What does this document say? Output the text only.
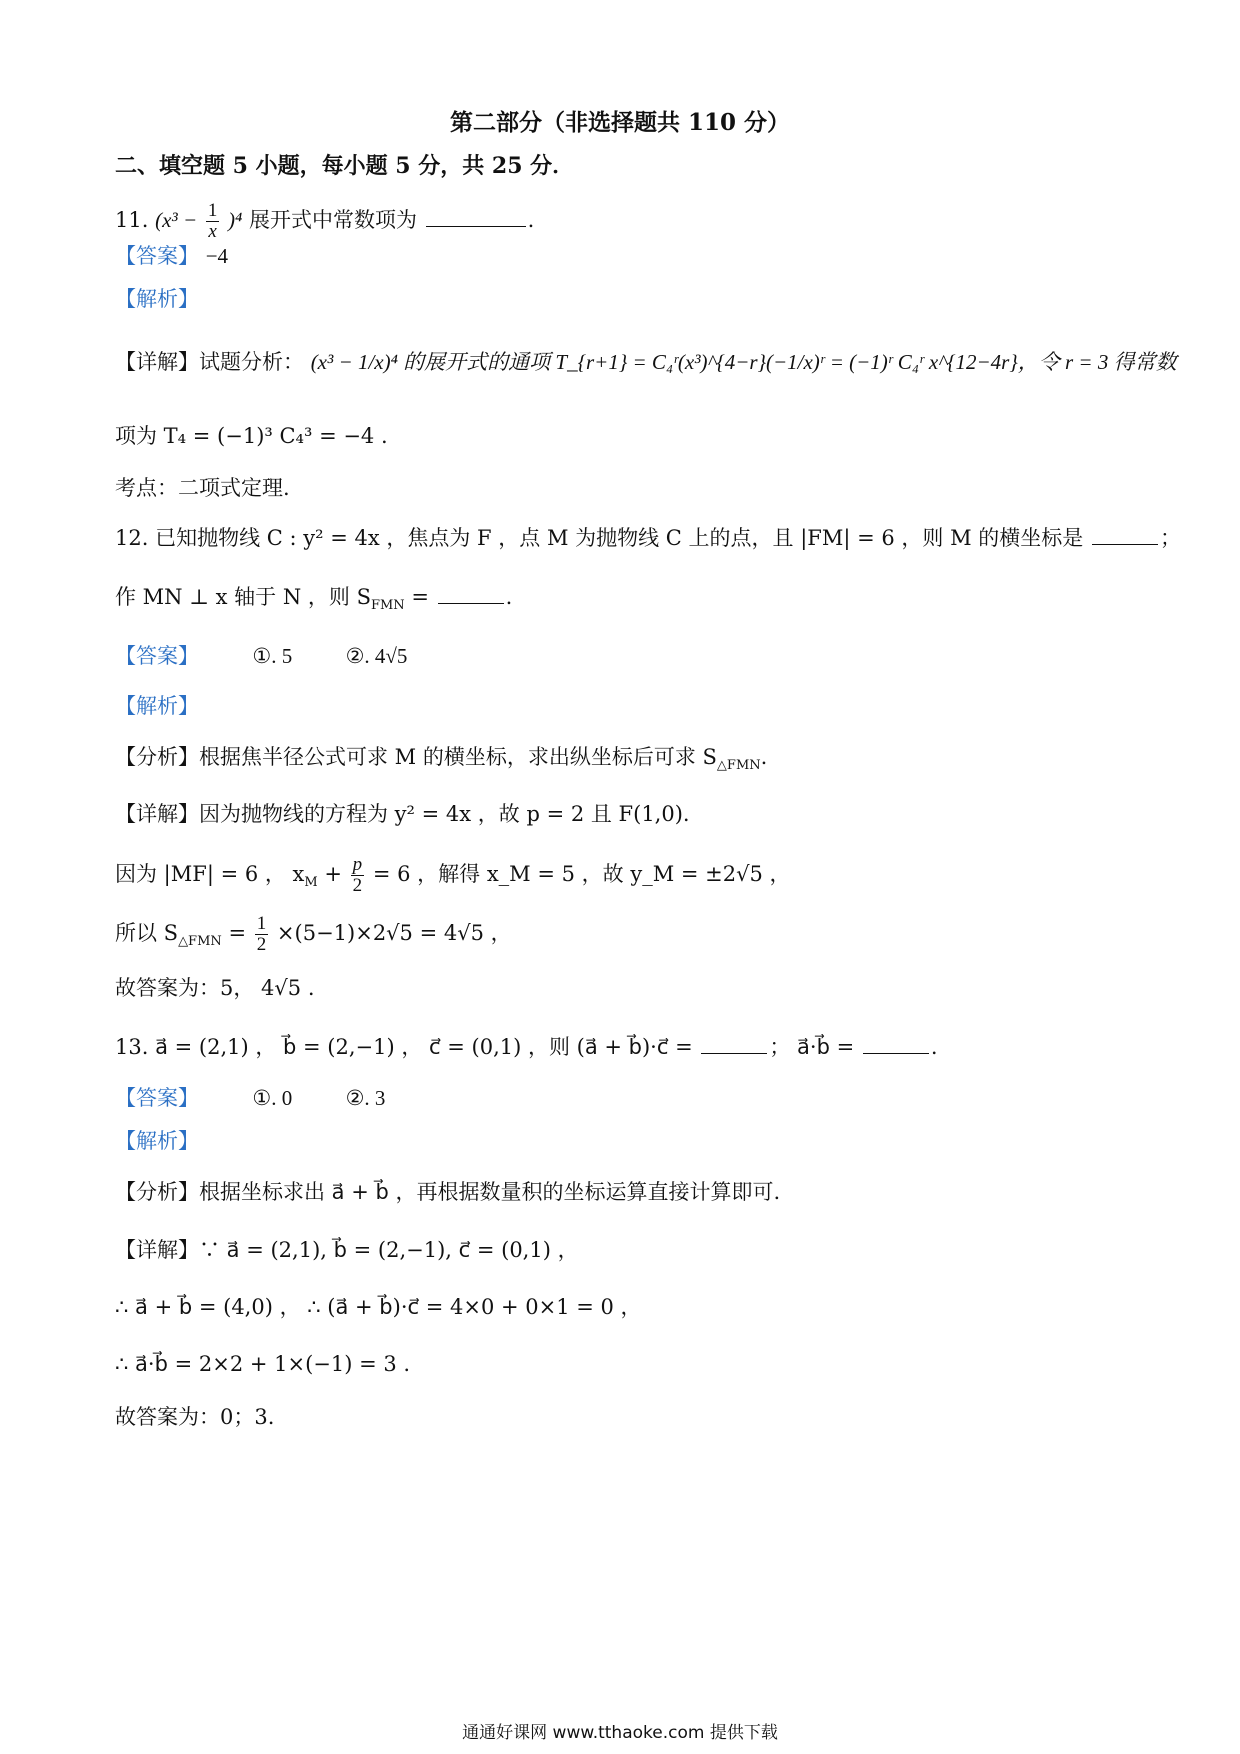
第二部分（非选择题共 110 分）
二、填空题 5 小题，每小题 5 分，共 25 分．
11. $(x^3 - \frac{1}{x} )^4$ 展开式中常数项为	.
【答案】 −4
【解析】
【详解】试题分析： (x³ − 1/x)⁴ 的展开式的通项 T_{r+1} = C₄ʳ(x³)^{4−r}(−1/x)ʳ = (−1)ʳ C₄ʳ x^{12−4r}，令 r = 3 得常数
项为 T₄ = (−1)³ C₄³ = −4 .
考点：二项式定理.
12. 已知抛物线 C : y² = 4x ，焦点为 F ，点 M 为抛物线 C 上的点，且 |FM| = 6 ，则 M 的横坐标是	；
作 MN ⊥ x 轴于 N ，则 $S_{FMN}$ =	.
【答案】	①. 5	②. 4√5
【解析】
【分析】根据焦半径公式可求 M 的横坐标，求出纵坐标后可求 $S_{\triangle FMN}$.
【详解】因为抛物线的方程为 y² = 4x ，故 p = 2 且 F(1,0).
因为 |MF| = 6 ， $x_M + \frac{p}{2} = 6$ ，解得 x_M = 5 ，故 y_M = ±2√5 ，
所以 $S_{\triangle FMN} = \frac{1}{2} \times(5-1)\times 2√5 = 4√5$ ，
故答案为：5， 4√5 .
13. a⃗ = (2,1) ， b⃗ = (2,−1) ， c⃗ = (0,1) ，则 (a⃗ + b⃗)·c⃗ =	； a⃗·b⃗ =	.
【答案】	①. 0	②. 3
【解析】
【分析】根据坐标求出 a⃗ + b⃗ ，再根据数量积的坐标运算直接计算即可.
【详解】∵ a⃗ = (2,1), b⃗ = (2,−1), c⃗ = (0,1) ，
∴ a⃗ + b⃗ = (4,0) ， ∴ (a⃗ + b⃗)·c⃗ = 4×0 + 0×1 = 0 ，
∴ a⃗·b⃗ = 2×2 + 1×(−1) = 3 .
故答案为：0；3.
通通好课网 www.tthaoke.com 提供下载
